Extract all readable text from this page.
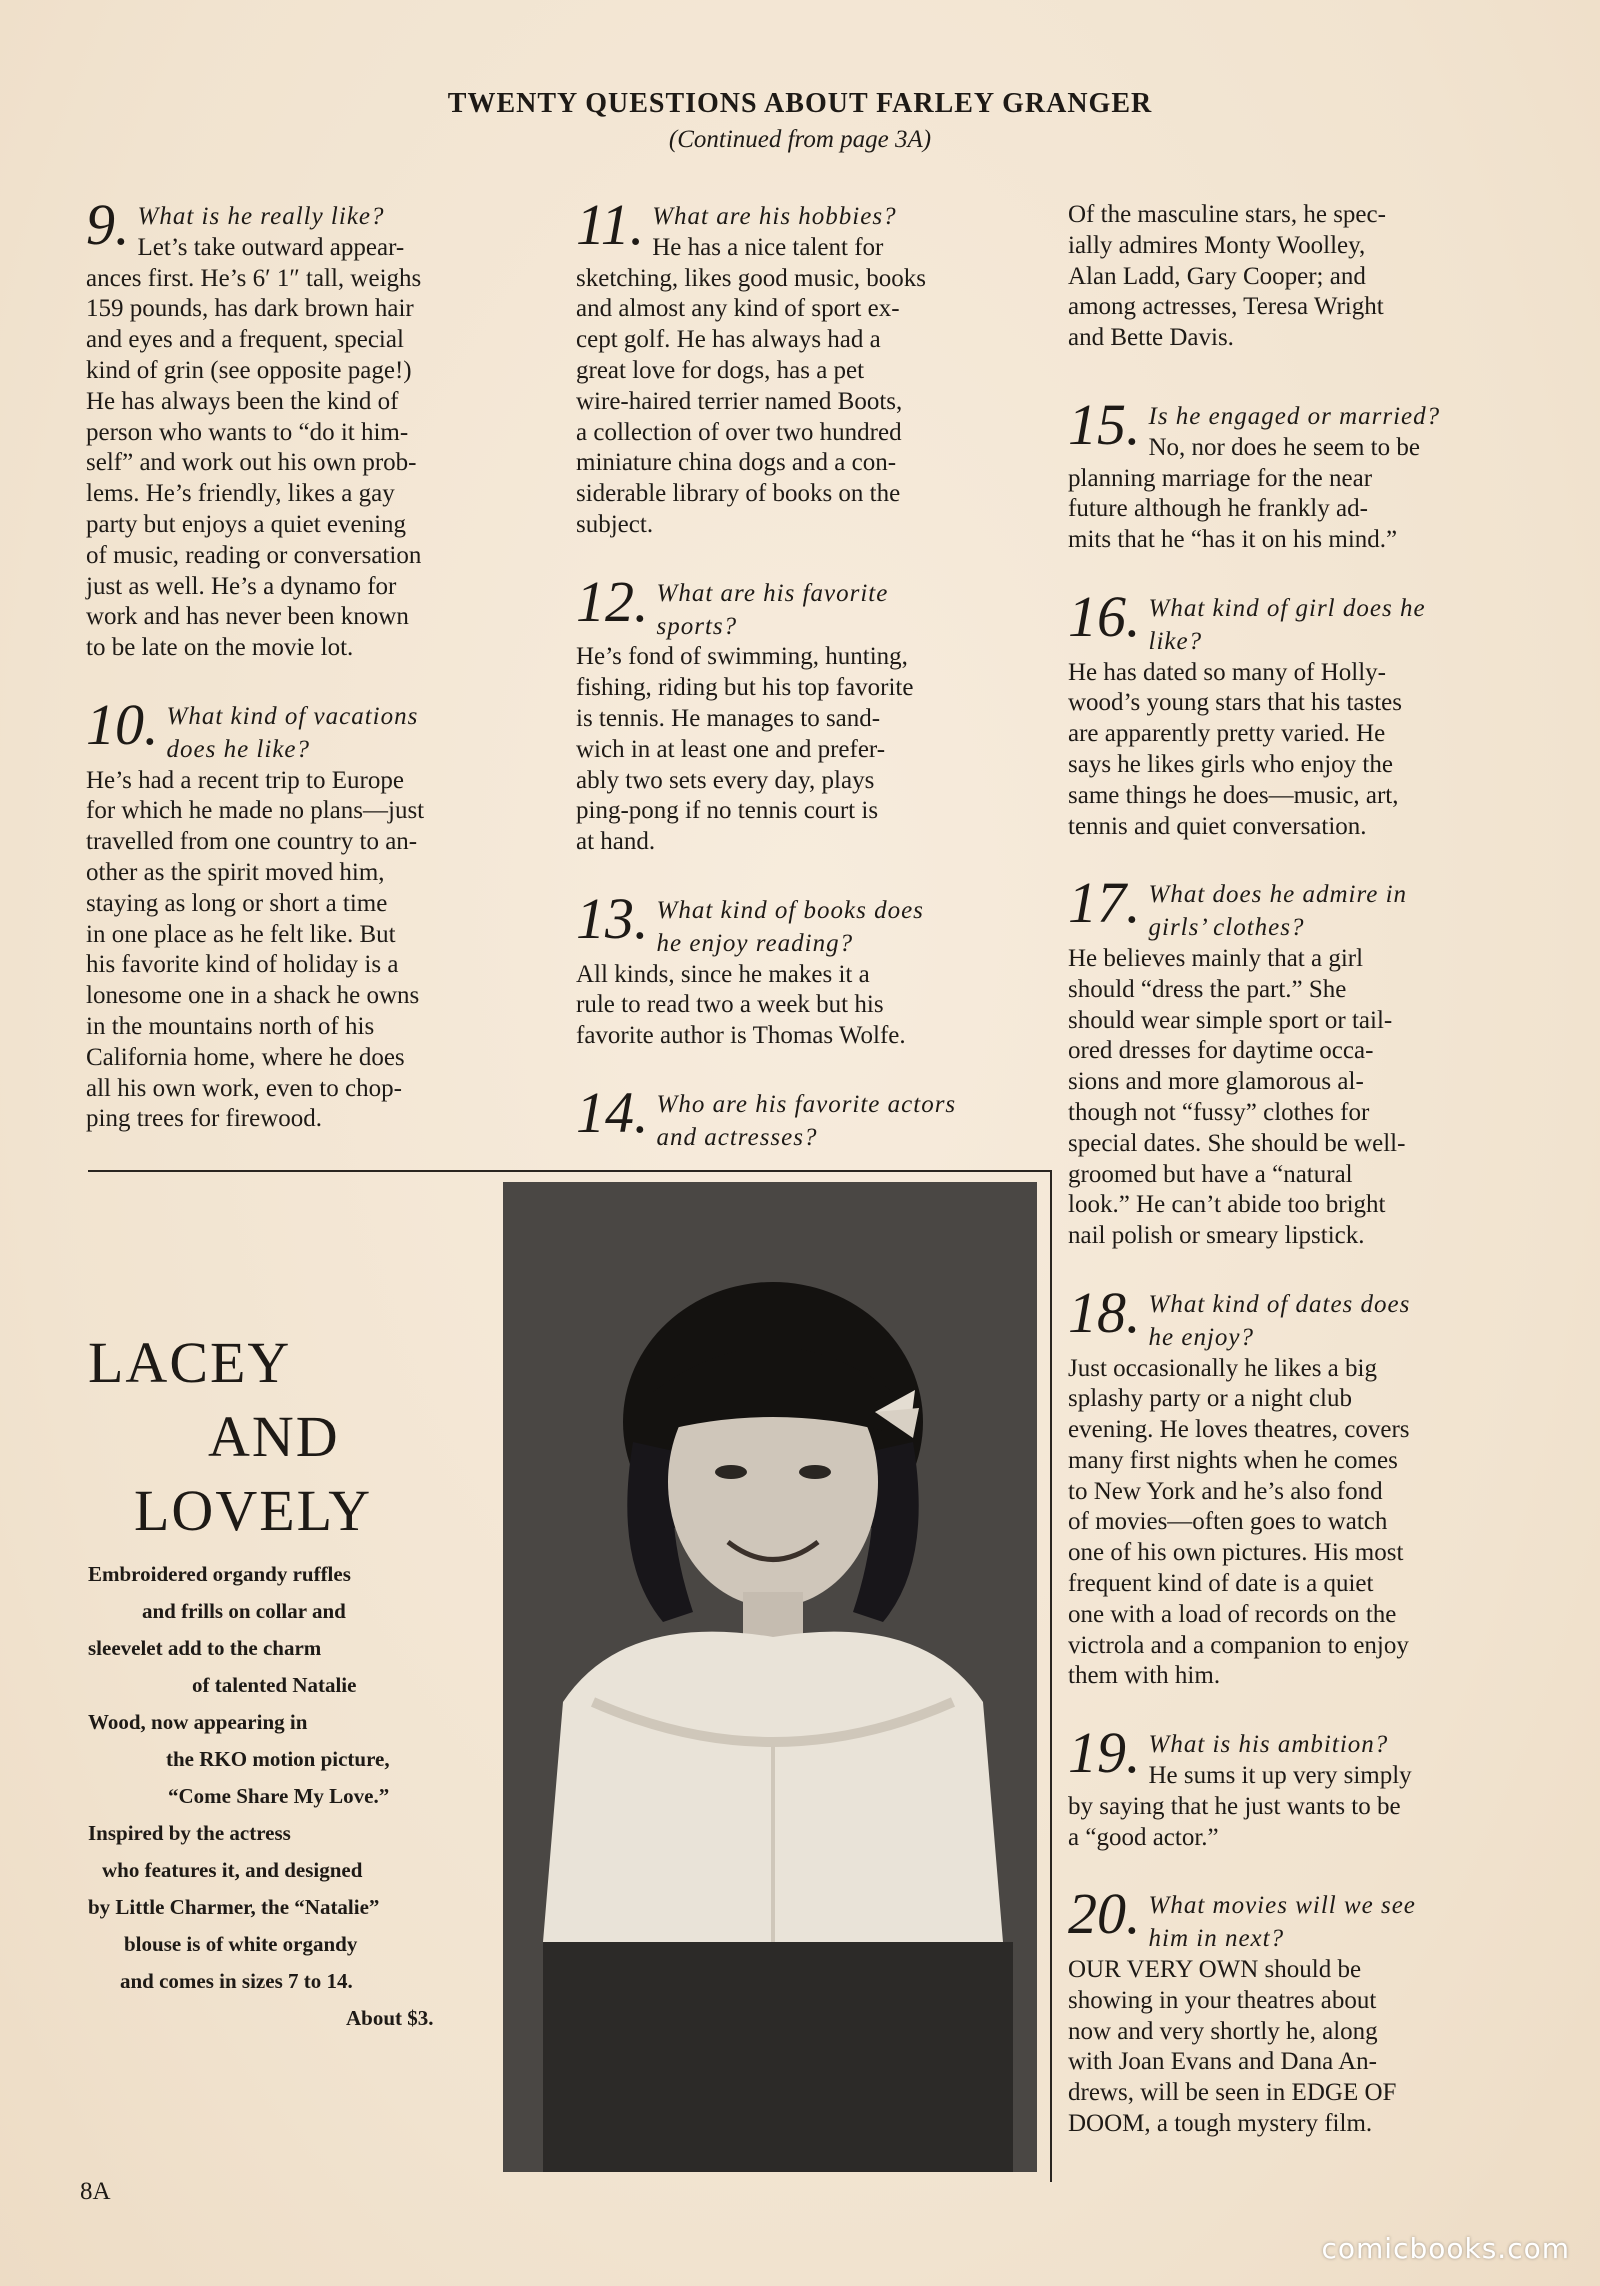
TWENTY QUESTIONS ABOUT FARLEY GRANGER
(Continued from page 3A)
9. What is he really like?

Let’s take outward appear-

ances first. He’s 6′ 1″ tall, weighs

159 pounds, has dark brown hair

and eyes and a frequent, special

kind of grin (see opposite page!)

He has always been the kind of

person who wants to “do it him-

self” and work out his own prob-

lems. He’s friendly, likes a gay

party but enjoys a quiet evening

of music, reading or conversation

just as well. He’s a dynamo for

work and has never been known

to be late on the movie lot.

10. What kind of vacations
does he like?

He’s had a recent trip to Europe

for which he made no plans—just

travelled from one country to an-

other as the spirit moved him,

staying as long or short a time

in one place as he felt like. But

his favorite kind of holiday is a

lonesome one in a shack he owns

in the mountains north of his

California home, where he does

all his own work, even to chop-

ping trees for firewood.

11. What are his hobbies?

He has a nice talent for

sketching, likes good music, books

and almost any kind of sport ex-

cept golf. He has always had a

great love for dogs, has a pet

wire-haired terrier named Boots,

a collection of over two hundred

miniature china dogs and a con-

siderable library of books on the

subject.

12. What are his favorite
sports?

He’s fond of swimming, hunting,

fishing, riding but his top favorite

is tennis. He manages to sand-

wich in at least one and prefer-

ably two sets every day, plays

ping-pong if no tennis court is

at hand.

13. What kind of books does
he enjoy reading?

All kinds, since he makes it a

rule to read two a week but his

favorite author is Thomas Wolfe.

14. Who are his favorite actors
and actresses?

Of the masculine stars, he spec-

ially admires Monty Woolley,

Alan Ladd, Gary Cooper; and

among actresses, Teresa Wright

and Bette Davis.

15. Is he engaged or married?

No, nor does he seem to be

planning marriage for the near

future although he frankly ad-

mits that he “has it on his mind.”

16. What kind of girl does he
like?

He has dated so many of Holly-

wood’s young stars that his tastes

are apparently pretty varied. He

says he likes girls who enjoy the

same things he does—music, art,

tennis and quiet conversation.

17. What does he admire in
girls’ clothes?

He believes mainly that a girl

should “dress the part.” She

should wear simple sport or tail-

ored dresses for daytime occa-

sions and more glamorous al-

though not “fussy” clothes for

special dates. She should be well-

groomed but have a “natural

look.” He can’t abide too bright

nail polish or smeary lipstick.

18. What kind of dates does
he enjoy?

Just occasionally he likes a big

splashy party or a night club

evening. He loves theatres, covers

many first nights when he comes

to New York and he’s also fond

of movies—often goes to watch

one of his own pictures. His most

frequent kind of date is a quiet

one with a load of records on the

victrola and a companion to enjoy

them with him.

19. What is his ambition?

He sums it up very simply

by saying that he just wants to be

a “good actor.”

20. What movies will we see
him in next?

OUR VERY OWN should be

showing in your theatres about

now and very shortly he, along

with Joan Evans and Dana An-

drews, will be seen in EDGE OF

DOOM, a tough mystery film.

LACEY
AND
LOVELY
Embroidered organdy ruffles
and frills on collar and
sleevelet add to the charm
of talented Natalie
Wood, now appearing in
the RKO motion picture,
“Come Share My Love.”
Inspired by the actress
who features it, and designed
by Little Charmer, the “Natalie”
blouse is of white organdy
and comes in sizes 7 to 14.
About $3.
8A
comicbooks.com
